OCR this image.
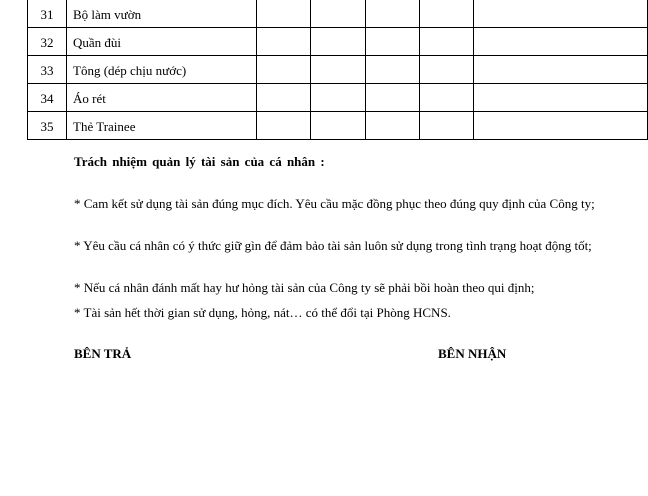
31	Bộ làm vườn					
32	Quần đùi					
33	Tông (dép chịu nước)					
34	Áo rét					
35	Thẻ Trainee					
Trách nhiệm quản lý tài sản của cá nhân :

* Cam kết sử dụng tài sản đúng mục đích. Yêu cầu mặc đồng phục theo đúng quy định của Công ty;

* Yêu cầu cá nhân có ý thức giữ gìn để đảm bảo tài sản luôn sử dụng trong tình trạng hoạt động tốt;

* Nếu cá nhân đánh mất hay hư hỏng tài sản của Công ty sẽ phải bồi hoàn theo qui định;

* Tài sản hết thời gian sử dụng, hỏng, nát… có thể đổi tại Phòng HCNS.

BÊN TRẢ	BÊN NHẬN
